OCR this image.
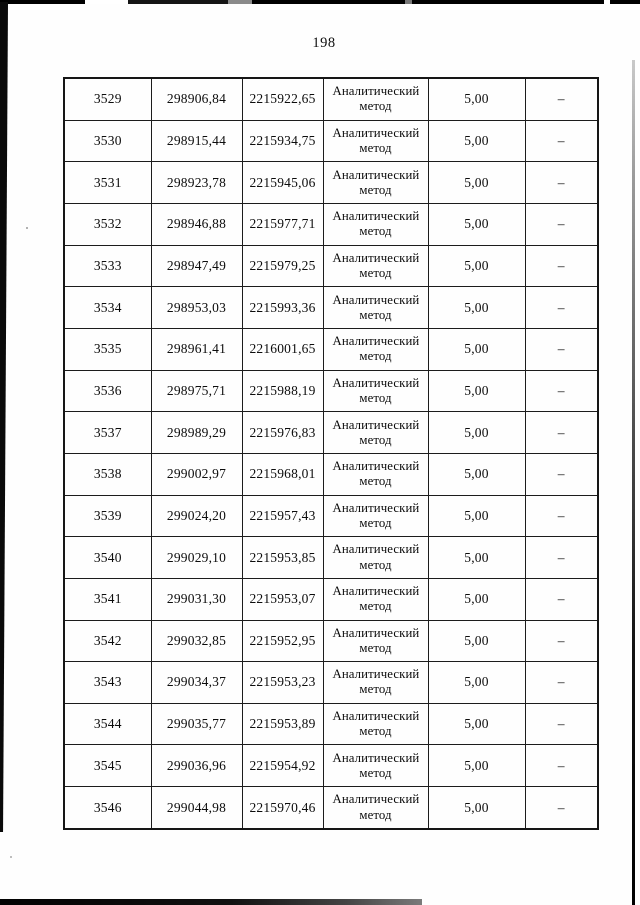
198
3529	298906,84	2215922,65	Аналитический метод	5,00	–
3530	298915,44	2215934,75	Аналитический метод	5,00	–
3531	298923,78	2215945,06	Аналитический метод	5,00	–
3532	298946,88	2215977,71	Аналитический метод	5,00	–
3533	298947,49	2215979,25	Аналитический метод	5,00	–
3534	298953,03	2215993,36	Аналитический метод	5,00	–
3535	298961,41	2216001,65	Аналитический метод	5,00	–
3536	298975,71	2215988,19	Аналитический метод	5,00	–
3537	298989,29	2215976,83	Аналитический метод	5,00	–
3538	299002,97	2215968,01	Аналитический метод	5,00	–
3539	299024,20	2215957,43	Аналитический метод	5,00	–
3540	299029,10	2215953,85	Аналитический метод	5,00	–
3541	299031,30	2215953,07	Аналитический метод	5,00	–
3542	299032,85	2215952,95	Аналитический метод	5,00	–
3543	299034,37	2215953,23	Аналитический метод	5,00	–
3544	299035,77	2215953,89	Аналитический метод	5,00	–
3545	299036,96	2215954,92	Аналитический метод	5,00	–
3546	299044,98	2215970,46	Аналитический метод	5,00	–
